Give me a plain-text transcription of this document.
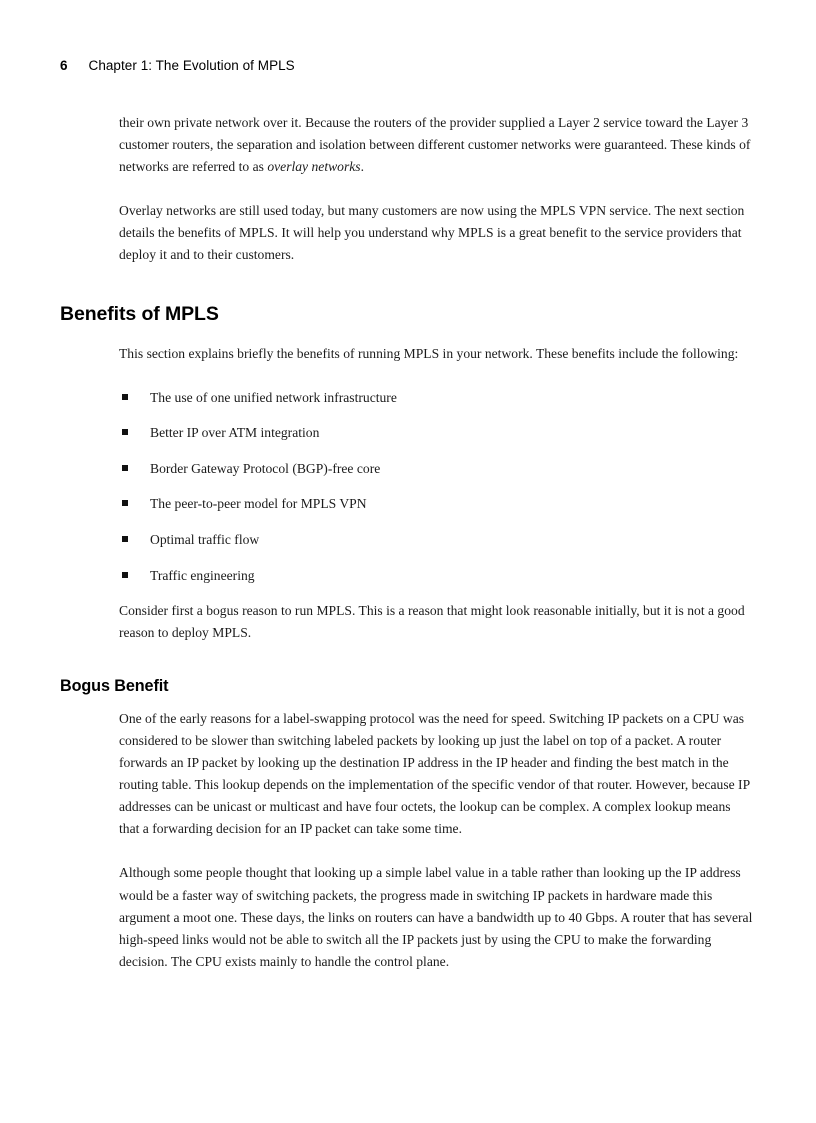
6 Chapter 1: The Evolution of MPLS

their own private network over it. Because the routers of the provider supplied a Layer 2 service toward the Layer 3 customer routers, the separation and isolation between different customer networks were guaranteed. These kinds of networks are referred to as overlay networks.

Overlay networks are still used today, but many customers are now using the MPLS VPN service. The next section details the benefits of MPLS. It will help you understand why MPLS is a great benefit to the service providers that deploy it and to their customers.

Benefits of MPLS

This section explains briefly the benefits of running MPLS in your network. These benefits include the following:

The use of one unified network infrastructure
Better IP over ATM integration
Border Gateway Protocol (BGP)-free core
The peer-to-peer model for MPLS VPN
Optimal traffic flow
Traffic engineering

Consider first a bogus reason to run MPLS. This is a reason that might look reasonable initially, but it is not a good reason to deploy MPLS.

Bogus Benefit

One of the early reasons for a label-swapping protocol was the need for speed. Switching IP packets on a CPU was considered to be slower than switching labeled packets by looking up just the label on top of a packet. A router forwards an IP packet by looking up the destination IP address in the IP header and finding the best match in the routing table. This lookup depends on the implementation of the specific vendor of that router. However, because IP addresses can be unicast or multicast and have four octets, the lookup can be complex. A complex lookup means that a forwarding decision for an IP packet can take some time.

Although some people thought that looking up a simple label value in a table rather than looking up the IP address would be a faster way of switching packets, the progress made in switching IP packets in hardware made this argument a moot one. These days, the links on routers can have a bandwidth up to 40 Gbps. A router that has several high-speed links would not be able to switch all the IP packets just by using the CPU to make the forwarding decision. The CPU exists mainly to handle the control plane.
